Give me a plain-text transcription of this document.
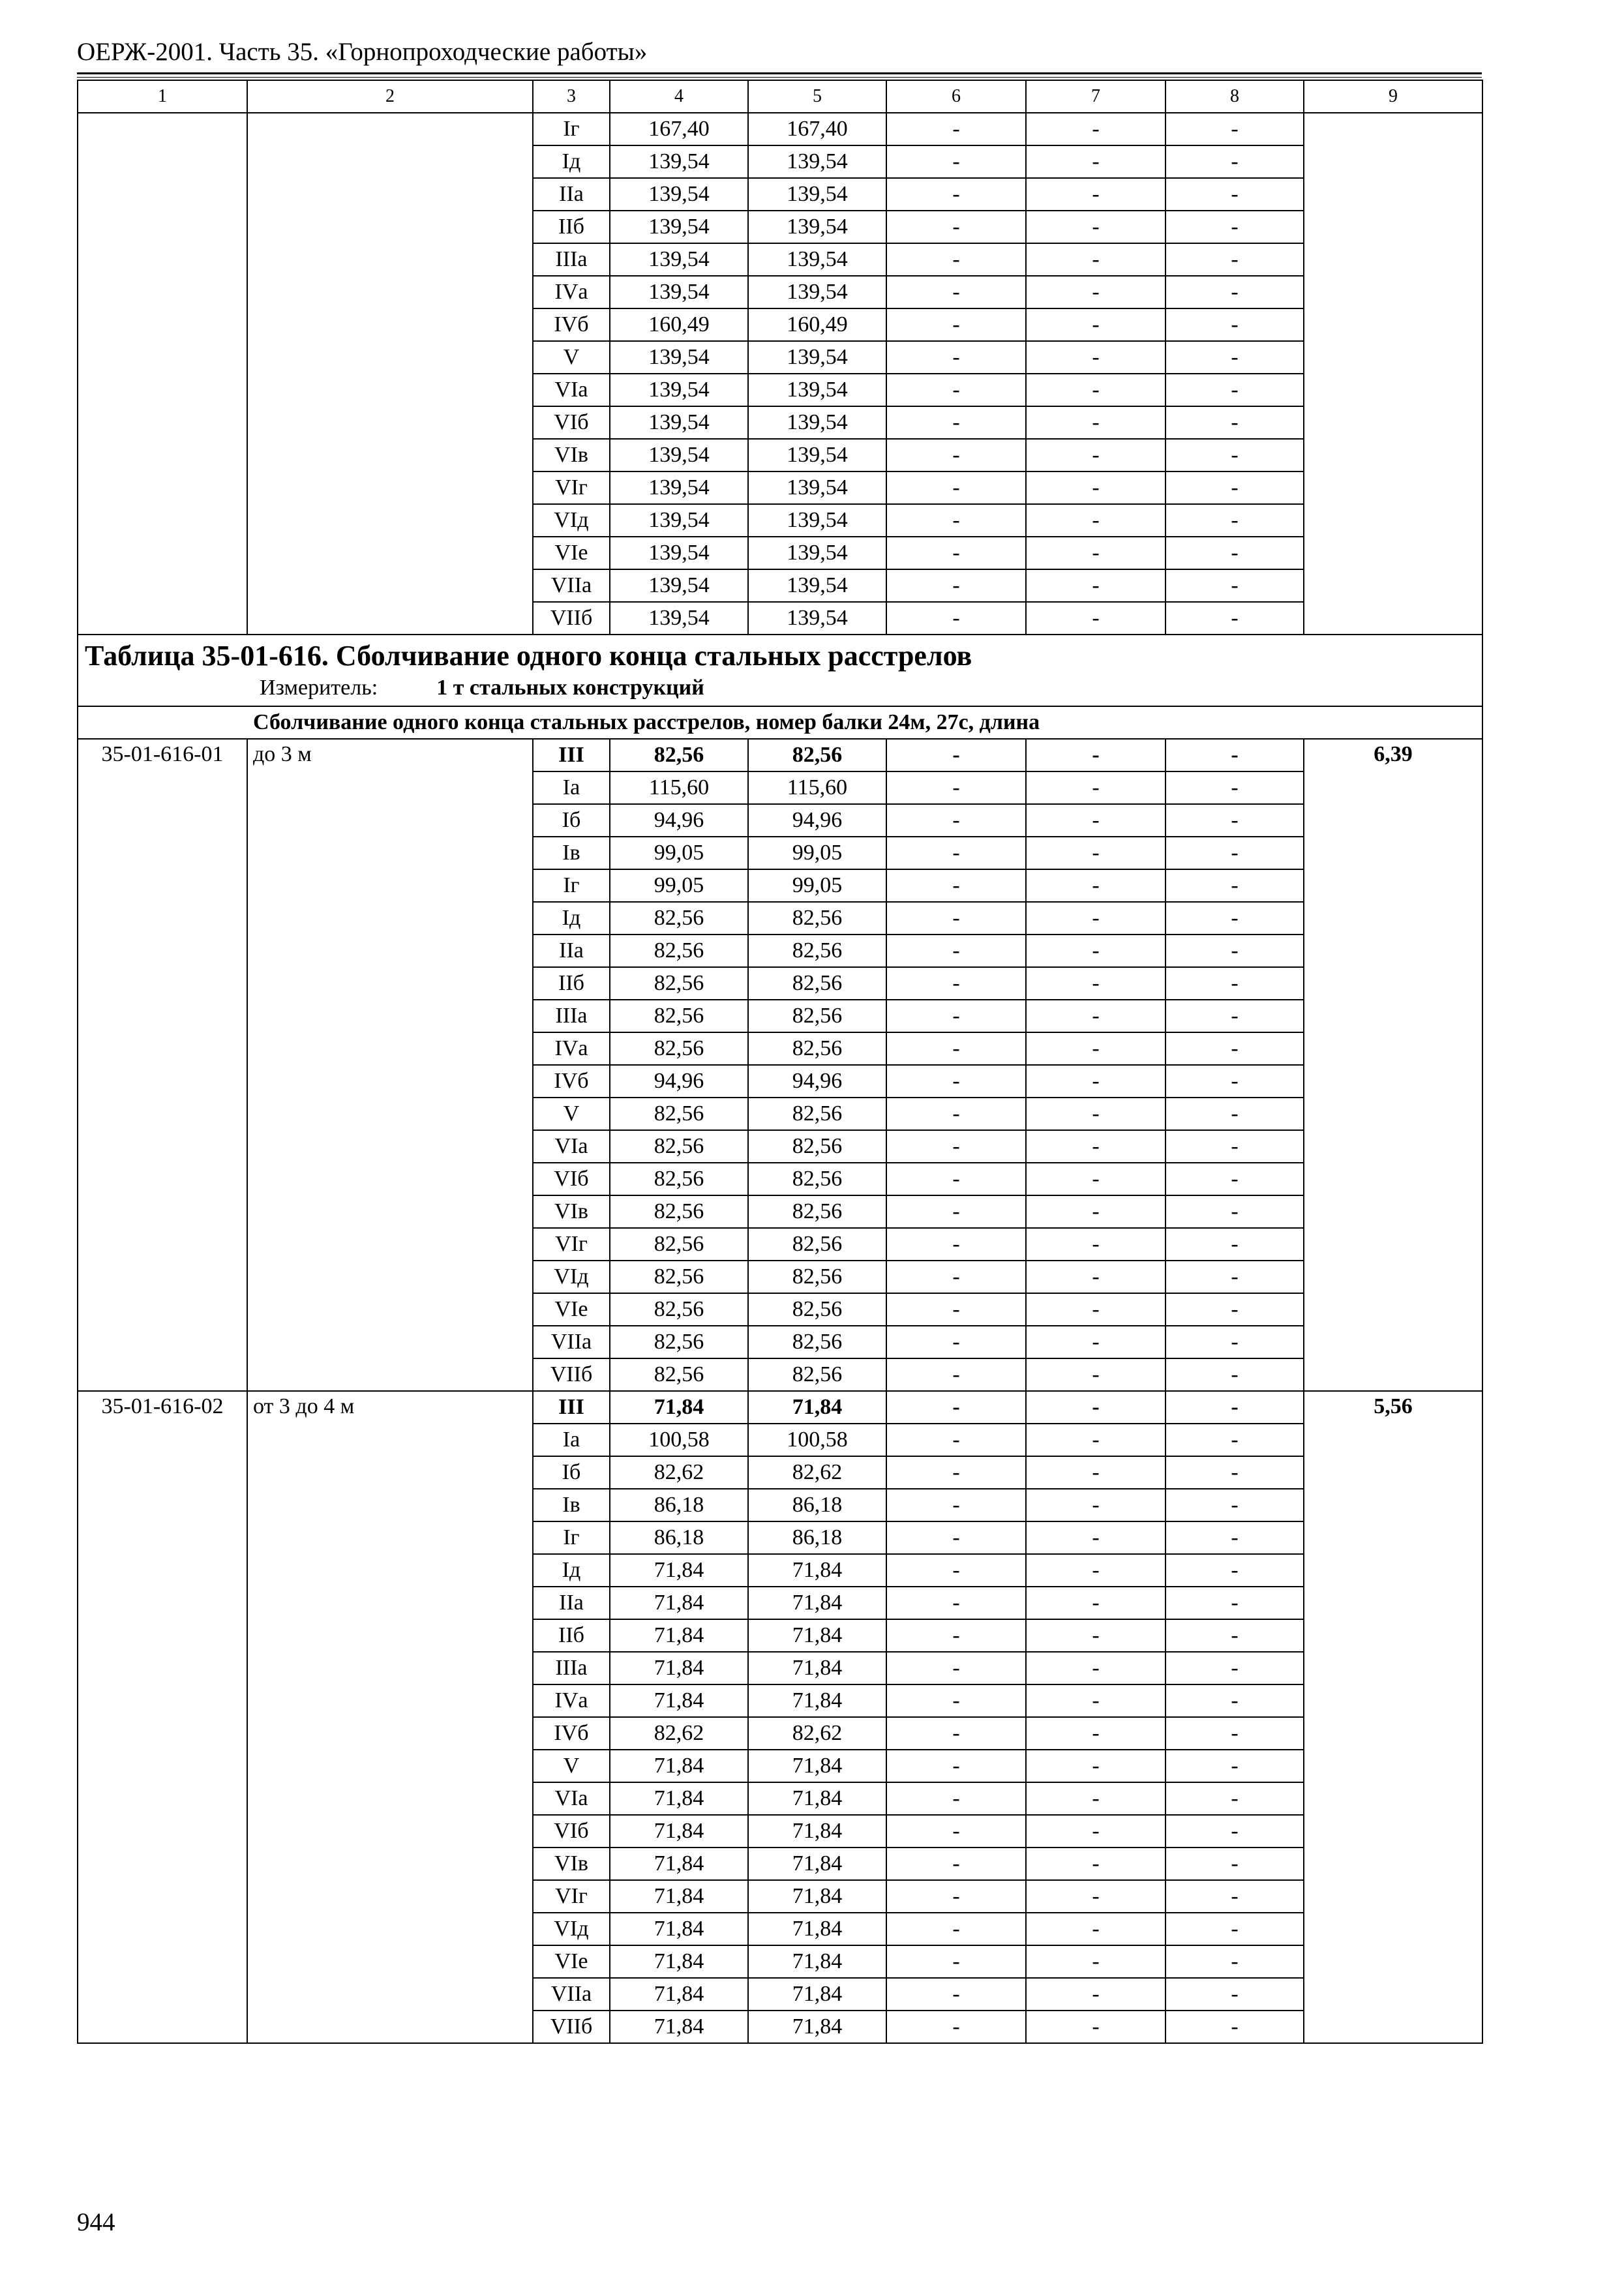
ОЕРЖ-2001. Часть 35. «Горнопроходческие работы»
1	2	3	4	5	6	7	8	9
		Iг	167,40	167,40	-	-	-	
		Iд	139,54	139,54	-	-	-	
		IIа	139,54	139,54	-	-	-	
		IIб	139,54	139,54	-	-	-	
		IIIа	139,54	139,54	-	-	-	
		IVа	139,54	139,54	-	-	-	
		IVб	160,49	160,49	-	-	-	
		V	139,54	139,54	-	-	-	
		VIа	139,54	139,54	-	-	-	
		VIб	139,54	139,54	-	-	-	
		VIв	139,54	139,54	-	-	-	
		VIг	139,54	139,54	-	-	-	
		VIд	139,54	139,54	-	-	-	
		VIе	139,54	139,54	-	-	-	
		VIIа	139,54	139,54	-	-	-	
		VIIб	139,54	139,54	-	-	-	

Таблица 35-01-616. Сболчивание одного конца стальных расстрелов
Измеритель: 1 т стальных конструкций								

Сболчивание одного конца стальных расстрелов, номер балки 24м, 27с, длина								
35-01-616-01	до 3 м	III	82,56	82,56	-	-	-	6,39
		Iа	115,60	115,60	-	-	-	
		Iб	94,96	94,96	-	-	-	
		Iв	99,05	99,05	-	-	-	
		Iг	99,05	99,05	-	-	-	
		Iд	82,56	82,56	-	-	-	
		IIа	82,56	82,56	-	-	-	
		IIб	82,56	82,56	-	-	-	
		IIIа	82,56	82,56	-	-	-	
		IVа	82,56	82,56	-	-	-	
		IVб	94,96	94,96	-	-	-	
		V	82,56	82,56	-	-	-	
		VIа	82,56	82,56	-	-	-	
		VIб	82,56	82,56	-	-	-	
		VIв	82,56	82,56	-	-	-	
		VIг	82,56	82,56	-	-	-	
		VIд	82,56	82,56	-	-	-	
		VIе	82,56	82,56	-	-	-	
		VIIа	82,56	82,56	-	-	-	
		VIIб	82,56	82,56	-	-	-	
35-01-616-02	от 3 до 4 м	III	71,84	71,84	-	-	-	5,56
		Iа	100,58	100,58	-	-	-	
		Iб	82,62	82,62	-	-	-	
		Iв	86,18	86,18	-	-	-	
		Iг	86,18	86,18	-	-	-	
		Iд	71,84	71,84	-	-	-	
		IIа	71,84	71,84	-	-	-	
		IIб	71,84	71,84	-	-	-	
		IIIа	71,84	71,84	-	-	-	
		IVа	71,84	71,84	-	-	-	
		IVб	82,62	82,62	-	-	-	
		V	71,84	71,84	-	-	-	
		VIа	71,84	71,84	-	-	-	
		VIб	71,84	71,84	-	-	-	
		VIв	71,84	71,84	-	-	-	
		VIг	71,84	71,84	-	-	-	
		VIд	71,84	71,84	-	-	-	
		VIе	71,84	71,84	-	-	-	
		VIIа	71,84	71,84	-	-	-	
		VIIб	71,84	71,84	-	-	-	
944
